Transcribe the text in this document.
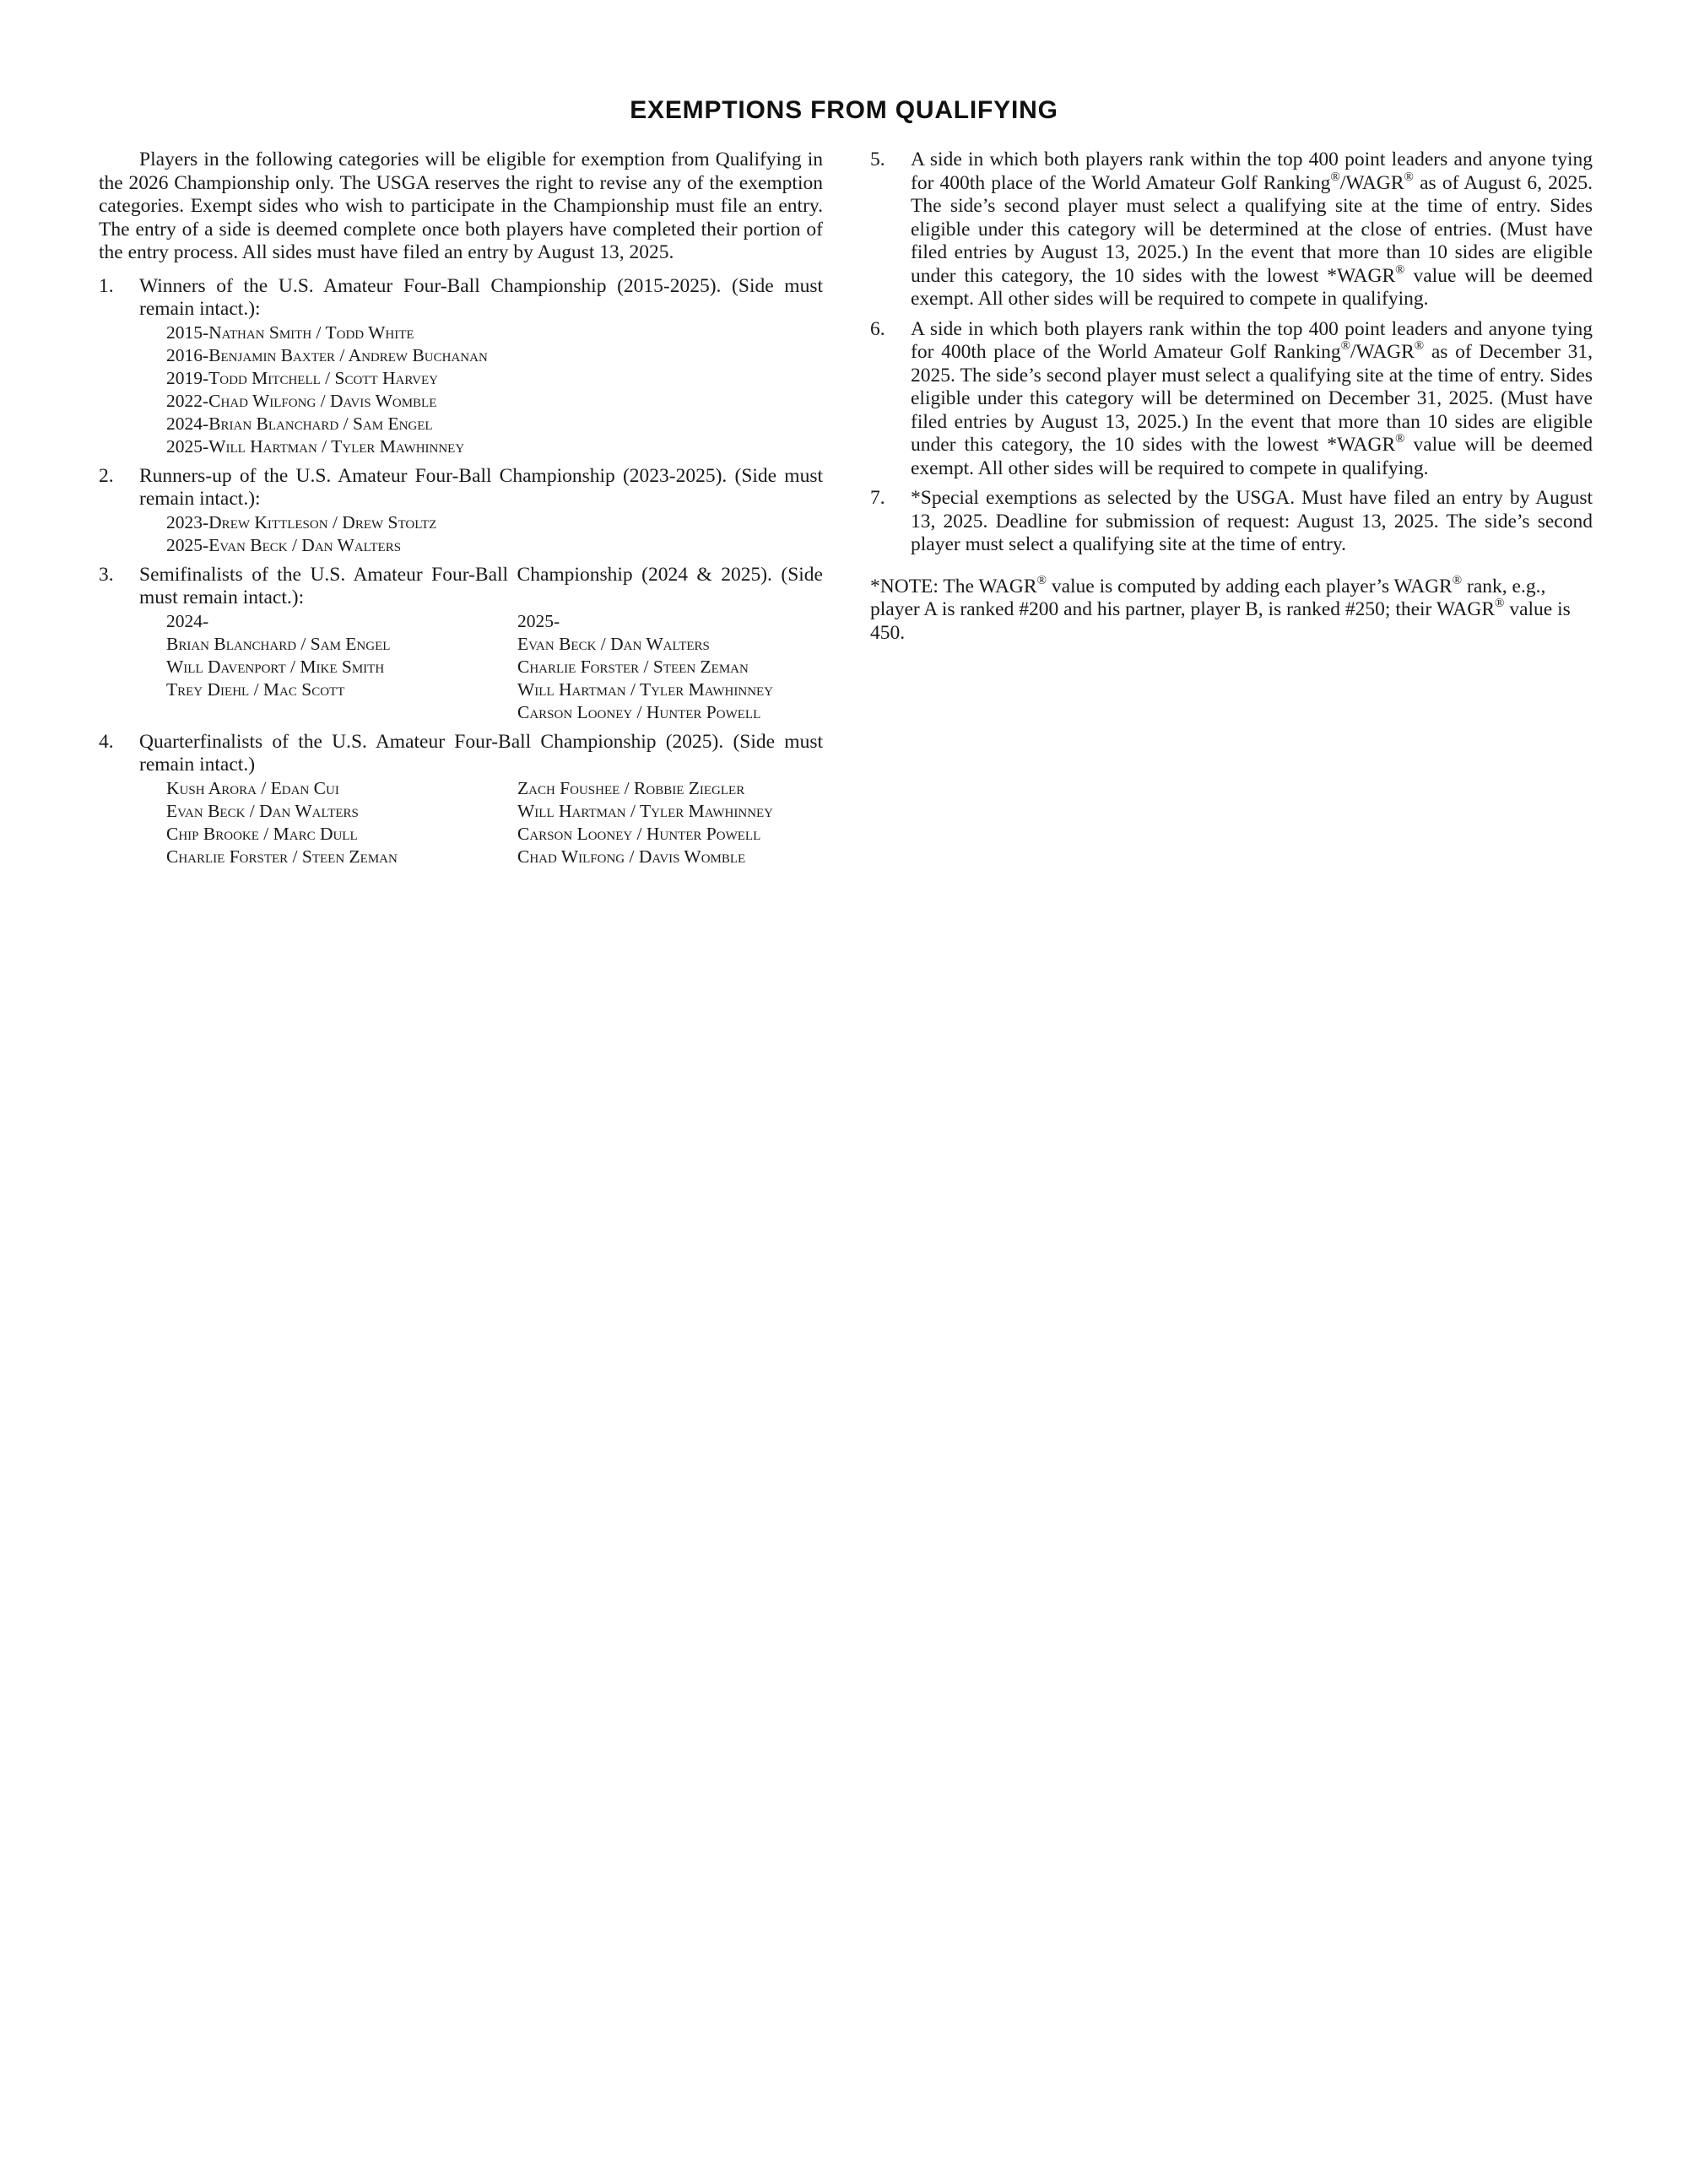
EXEMPTIONS FROM QUALIFYING

Players in the following categories will be eligible for exemption from Qualifying in the 2026 Championship only. The USGA reserves the right to revise any of the exemption categories. Exempt sides who wish to participate in the Championship must file an entry. The entry of a side is deemed complete once both players have completed their portion of the entry process. All sides must have filed an entry by August 13, 2025.

1. Winners of the U.S. Amateur Four-Ball Championship (2015-2025). (Side must remain intact.):
2015-Nathan Smith / Todd White
2016-Benjamin Baxter / Andrew Buchanan
2019-Todd Mitchell / Scott Harvey
2022-Chad Wilfong / Davis Womble
2024-Brian Blanchard / Sam Engel
2025-Will Hartman / Tyler Mawhinney
2. Runners-up of the U.S. Amateur Four-Ball Championship (2023-2025). (Side must remain intact.):
2023-Drew Kittleson / Drew Stoltz
2025-Evan Beck / Dan Walters
3. Semifinalists of the U.S. Amateur Four-Ball Championship (2024 & 2025). (Side must remain intact.):
2024-
Brian Blanchard / Sam Engel
Will Davenport / Mike Smith
Trey Diehl / Mac Scott
2025-
Evan Beck / Dan Walters
Charlie Forster / Steen Zeman
Will Hartman / Tyler Mawhinney
Carson Looney / Hunter Powell
4. Quarterfinalists of the U.S. Amateur Four-Ball Championship (2025). (Side must remain intact.)
Kush Arora / Edan Cui
Evan Beck / Dan Walters
Chip Brooke / Marc Dull
Charlie Forster / Steen Zeman
Zach Foushee / Robbie Ziegler
Will Hartman / Tyler Mawhinney
Carson Looney / Hunter Powell
Chad Wilfong / Davis Womble
5. A side in which both players rank within the top 400 point leaders and anyone tying for 400th place of the World Amateur Golf Ranking®/WAGR® as of August 6, 2025. The side’s second player must select a qualifying site at the time of entry. Sides eligible under this category will be determined at the close of entries. (Must have filed entries by August 13, 2025.) In the event that more than 10 sides are eligible under this category, the 10 sides with the lowest *WAGR® value will be deemed exempt. All other sides will be required to compete in qualifying.
6. A side in which both players rank within the top 400 point leaders and anyone tying for 400th place of the World Amateur Golf Ranking®/WAGR® as of December 31, 2025. The side’s second player must select a qualifying site at the time of entry. Sides eligible under this category will be determined on December 31, 2025. (Must have filed entries by August 13, 2025.) In the event that more than 10 sides are eligible under this category, the 10 sides with the lowest *WAGR® value will be deemed exempt. All other sides will be required to compete in qualifying.
7. *Special exemptions as selected by the USGA. Must have filed an entry by August 13, 2025. Deadline for submission of request: August 13, 2025. The side’s second player must select a qualifying site at the time of entry.
*NOTE: The WAGR® value is computed by adding each player’s WAGR® rank, e.g., player A is ranked #200 and his partner, player B, is ranked #250; their WAGR® value is 450.
